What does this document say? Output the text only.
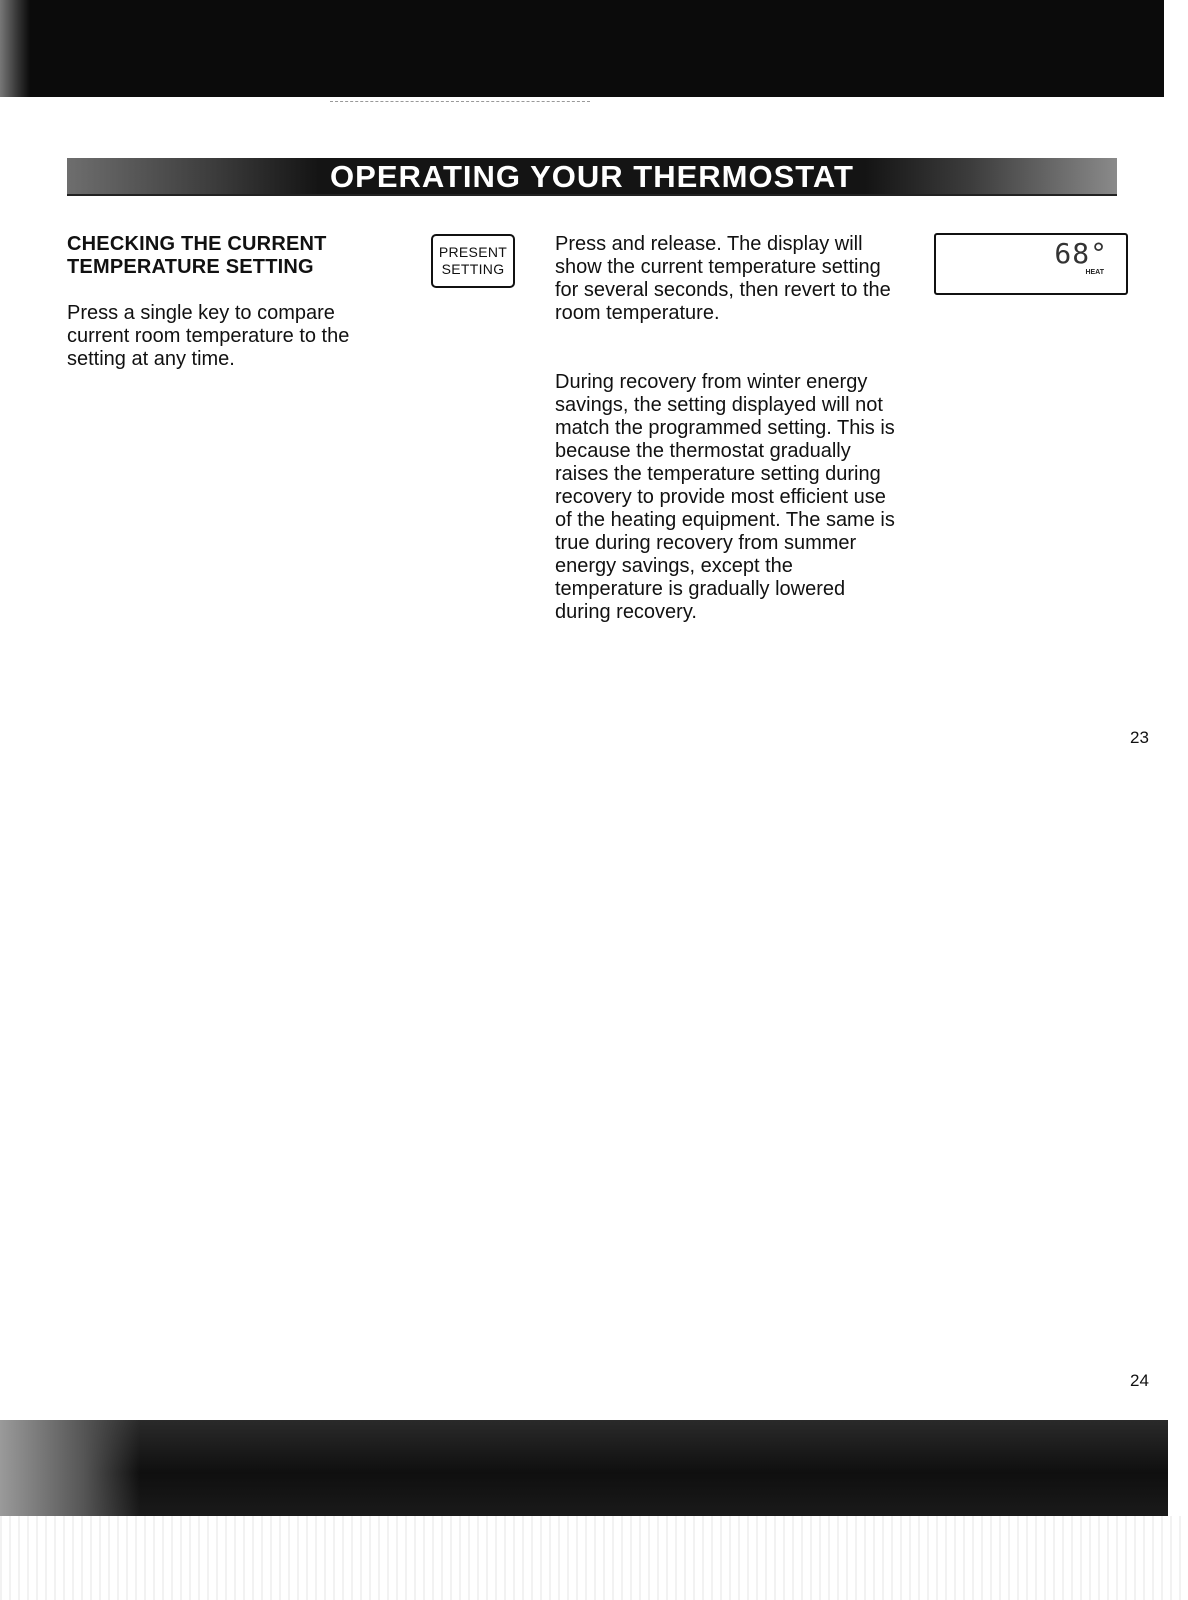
OPERATING YOUR THERMOSTAT
CHECKING THE CURRENT
TEMPERATURE SETTING
Press a single key to compare current room temperature to the setting at any time.
PRESENT
SETTING
Press and release. The display will show the current temperature setting for several seconds, then revert to the room temperature.
During recovery from winter energy savings, the setting displayed will not match the programmed setting. This is because the thermostat gradually raises the temperature setting during recovery to provide most efficient use of the heating equipment. The same is true during recovery from summer energy savings, except the temperature is gradually lowered during recovery.
68°
HEAT
23
24
